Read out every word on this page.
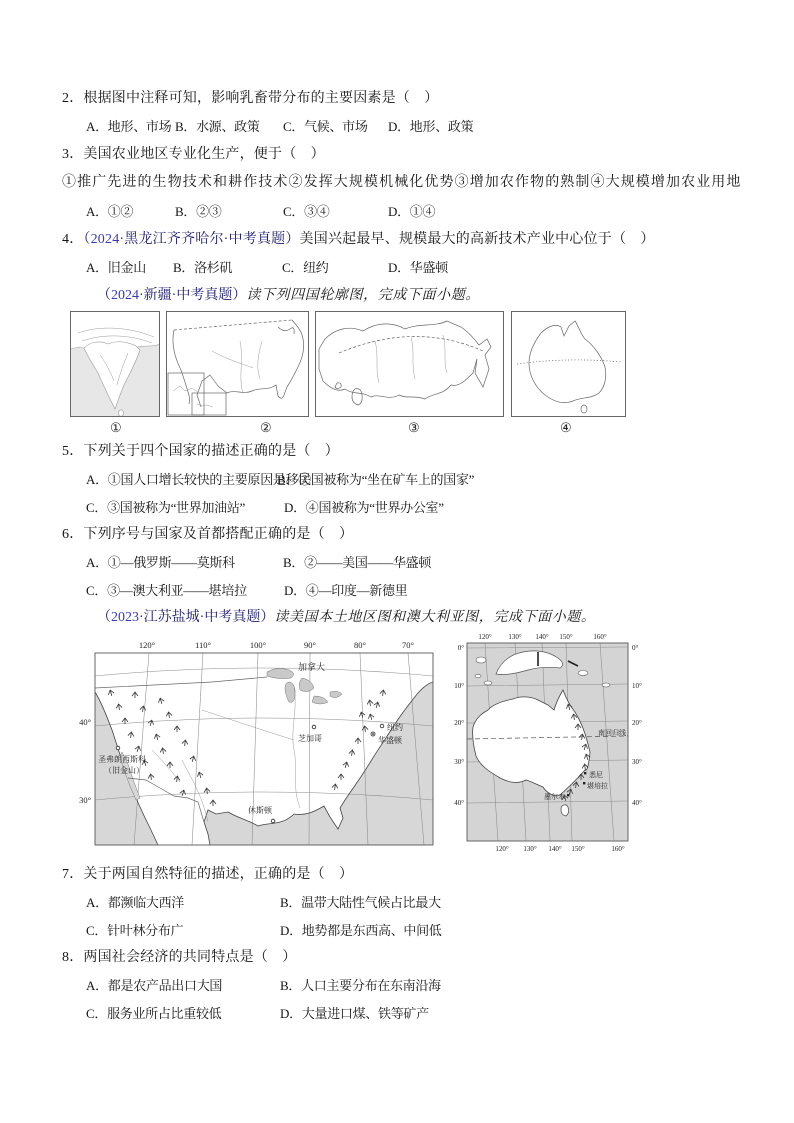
2．根据图中注释可知，影响乳畜带分布的主要因素是（　）
A．地形、市场 B．水源、政策 C．气候、市场 D．地形、政策
3．美国农业地区专业化生产，便于（　）
①推广先进的生物技术和耕作技术②发挥大规模机械化优势③增加农作物的熟制④大规模增加农业用地
A．①②	B．②③	C．③④	D．①④
4．（2024·黑龙江齐齐哈尔·中考真题）美国兴起最早、规模最大的高新技术产业中心位于（　）
A．旧金山 B．洛杉矶	C．纽约	D．华盛顿
（2024·新疆·中考真题）读下列四国轮廓图，完成下面小题。
①	②	③	④
5．下列关于四个国家的描述正确的是（　）
A．①国人口增长较快的主要原因是移民
B．②国被称为“坐在矿车上的国家”
C．③国被称为“世界加油站”	D．④国被称为“世界办公室”
6．下列序号与国家及首都搭配正确的是（　）
A．①—俄罗斯——莫斯科	B．②——美国——华盛顿
C．③—澳大利亚——堪培拉	D．④—印度—新德里
（2023·江苏盐城·中考真题）读美国本土地区图和澳大利亚图，完成下面小题。
120°	110°	100°	90°	80°	70°
40°
30°
加拿大
芝加哥
纽约
华盛顿
圣弗朗西斯科
（旧金山）
休斯顿
120° 130° 140° 150°	160°
120° 130° 140° 150°	160°
0°
10°
20°
30°
40°
0°
10°
20°
30°
40°
南回归线
悉尼
堪培拉
墨尔本
7．关于两国自然特征的描述，正确的是（　）
A．都濒临大西洋	B．温带大陆性气候占比最大
C．针叶林分布广	D．地势都是东西高、中间低
8．两国社会经济的共同特点是（　）
A．都是农产品出口大国	B．人口主要分布在东南沿海
C．服务业所占比重较低	D．大量进口煤、铁等矿产
